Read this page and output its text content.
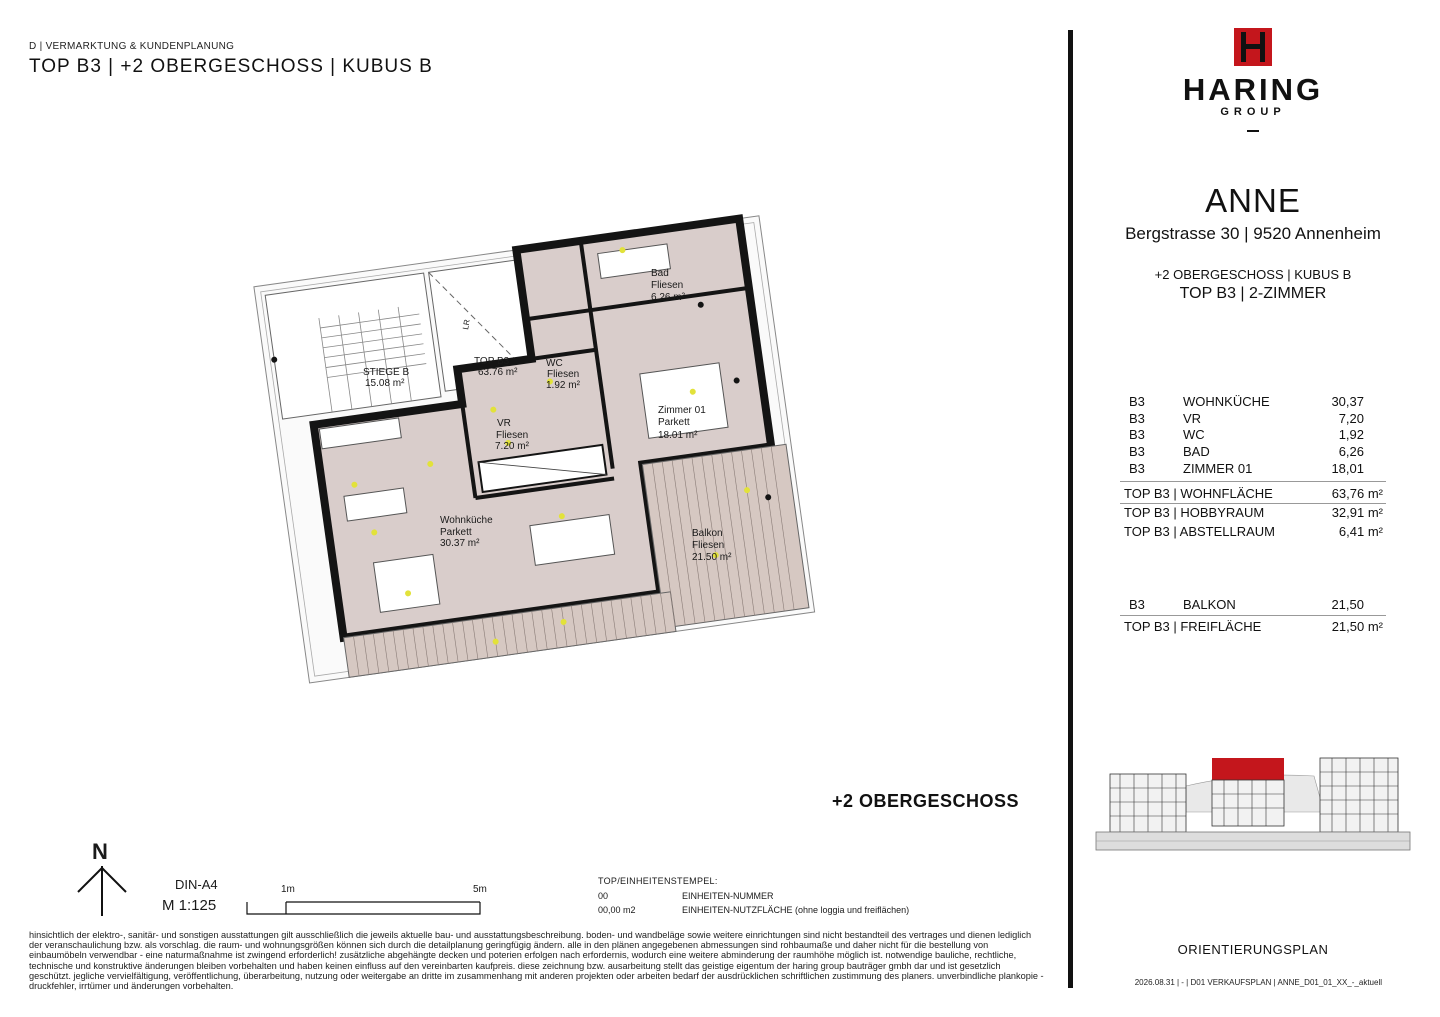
D | VERMARKTUNG & KUNDENPLANUNG
TOP B3 | +2 OBERGESCHOSS | KUBUS B
STIEGE B
15.08 m²
TOP B3
63.76 m²
WC
Fliesen
1.92 m²
Bad
Fliesen
6.26 m²
VR
Fliesen
7.20 m²
Zimmer 01
Parkett
18.01 m²
Wohnküche
Parkett
30.37 m²
Balkon
Fliesen
21.50 m²
LR
+2 OBERGESCHOSS
N
DIN-A4
M 1:125
1m	5m
TOP/EINHEITENSTEMPEL:
00	EINHEITEN-NUMMER
00,00 m2	EINHEITEN-NUTZFLÄCHE (ohne loggia und freiflächen)
hinsichtlich der elektro-, sanitär- und sonstigen ausstattungen gilt ausschließlich die jeweils aktuelle bau- und ausstattungsbeschreibung. boden- und wandbeläge sowie weitere einrichtungen sind nicht bestandteil des vertrages und dienen lediglich der veranschaulichung bzw. als vorschlag. die raum- und wohnungsgrößen können sich durch die detailplanung geringfügig ändern. alle in den plänen angegebenen abmessungen sind rohbaumaße und daher nicht für die bestellung von einbaumöbeln verwendbar - eine naturmaßnahme ist zwingend erforderlich! zusätzliche abgehängte decken und poterien erfolgen nach erfordernis, wodurch eine weitere abminderung der raumhöhe möglich ist. notwendige bauliche, rechtliche, technische und konstruktive änderungen bleiben vorbehalten und haben keinen einfluss auf den vereinbarten kaufpreis. diese zeichnung bzw. ausarbeitung stellt das geistige eigentum der haring group bauträger gmbh dar und ist gesetzlich geschützt. jegliche vervielfältigung, veröffentlichung, überarbeitung, nutzung oder weitergabe an dritte im zusammenhang mit anderen projekten oder arbeiten bedarf der ausdrücklichen schriftlichen zustimmung des planers. unverbindliche plankopie - druckfehler, irrtümer und änderungen vorbehalten.
HARING
GROUP
ANNE
Bergstrasse 30 | 9520 Annenheim
+2 OBERGESCHOSS | KUBUS B
TOP B3 | 2-ZIMMER
B3	WOHNKÜCHE	30,37
B3	VR	7,20
B3	WC	1,92
B3	BAD	6,26
B3	ZIMMER 01	18,01
TOP B3 | WOHNFLÄCHE	63,76 m²
TOP B3 | HOBBYRAUM	32,91 m²
TOP B3 | ABSTELLRAUM	6,41 m²
B3	BALKON	21,50
TOP B3 | FREIFLÄCHE	21,50 m²
ORIENTIERUNGSPLAN
2026.08.31 | - | D01 VERKAUFSPLAN | ANNE_D01_01_XX_-_aktuell
